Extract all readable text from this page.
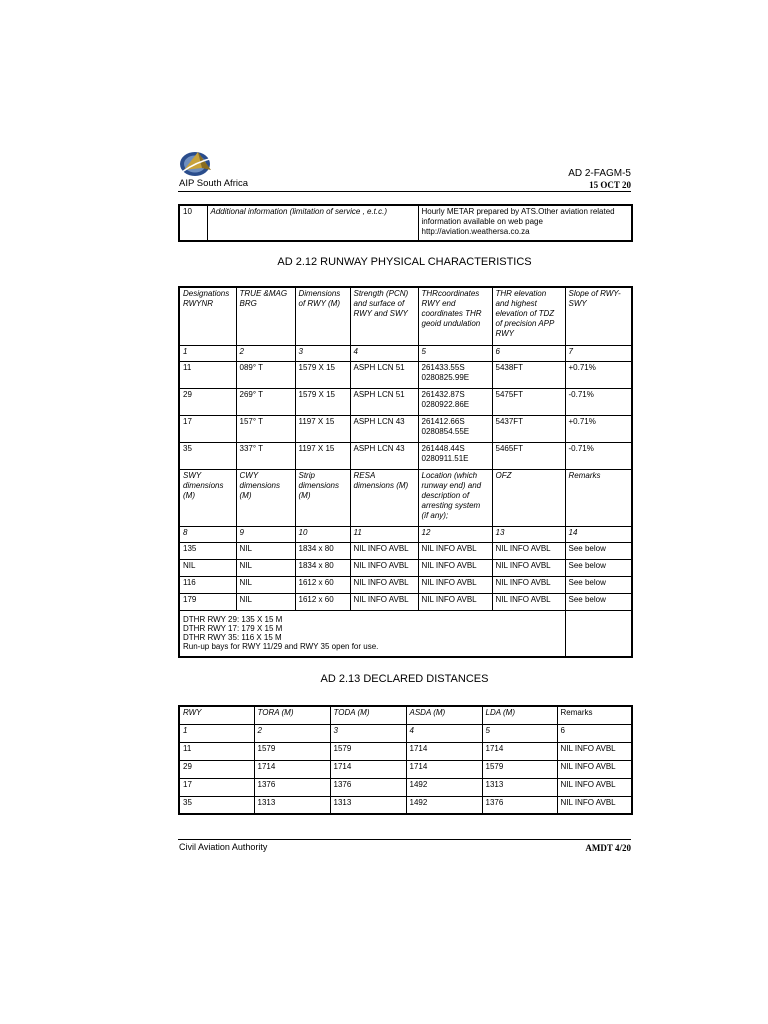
AIP South Africa
AD 2-FAGM-5
15 OCT 20
10	Additional information (limitation of service , e.t.c.)	Hourly METAR prepared by ATS.Other aviation related information available on web page http://aviation.weathersa.co.za
AD 2.12 RUNWAY PHYSICAL CHARACTERISTICS
Designations RWYNR	TRUE &MAG BRG	Dimensions of RWY (M)	Strength (PCN) and surface of RWY and SWY	THRcoordinates RWY end coordinates THR geoid undulation	THR elevation and highest elevation of TDZ of precision APP RWY	Slope of RWY-SWY
1	2	3	4	5	6	7
11	089° T	1579 X 15	ASPH LCN 51	261433.55S 0280825.99E	5438FT	+0.71%
29	269° T	1579 X 15	ASPH LCN 51	261432.87S 0280922.86E	5475FT	-0.71%
17	157° T	1197 X 15	ASPH LCN 43	261412.66S 0280854.55E	5437FT	+0.71%
35	337° T	1197 X 15	ASPH LCN 43	261448.44S 0280911.51E	5465FT	-0.71%
SWY dimensions (M)	CWY dimensions (M)	Strip dimensions (M)	RESA dimensions (M)	Location (which runway end) and description of arresting system (if any);	OFZ	Remarks
8	9	10	11	12	13	14
135	NIL	1834 x 80	NIL INFO AVBL	NIL INFO AVBL	NIL INFO AVBL	See below
NIL	NIL	1834 x 80	NIL INFO AVBL	NIL INFO AVBL	NIL INFO AVBL	See below
116	NIL	1612 x 60	NIL INFO AVBL	NIL INFO AVBL	NIL INFO AVBL	See below
179	NIL	1612 x 60	NIL INFO AVBL	NIL INFO AVBL	NIL INFO AVBL	See below

DTHR RWY 29: 135 X 15 M
DTHR RWY 17: 179 X 15 M
DTHR RWY 35: 116 X 15 M
Run-up bays for RWY 11/29 and RWY 35 open for use.						

AD 2.13 DECLARED DISTANCES
RWY	TORA (M)	TODA (M)	ASDA (M)	LDA (M)	Remarks
1	2	3	4	5	6
11	1579	1579	1714	1714	NIL INFO AVBL
29	1714	1714	1714	1579	NIL INFO AVBL
17	1376	1376	1492	1313	NIL INFO AVBL
35	1313	1313	1492	1376	NIL INFO AVBL
Civil Aviation Authority	AMDT 4/20
